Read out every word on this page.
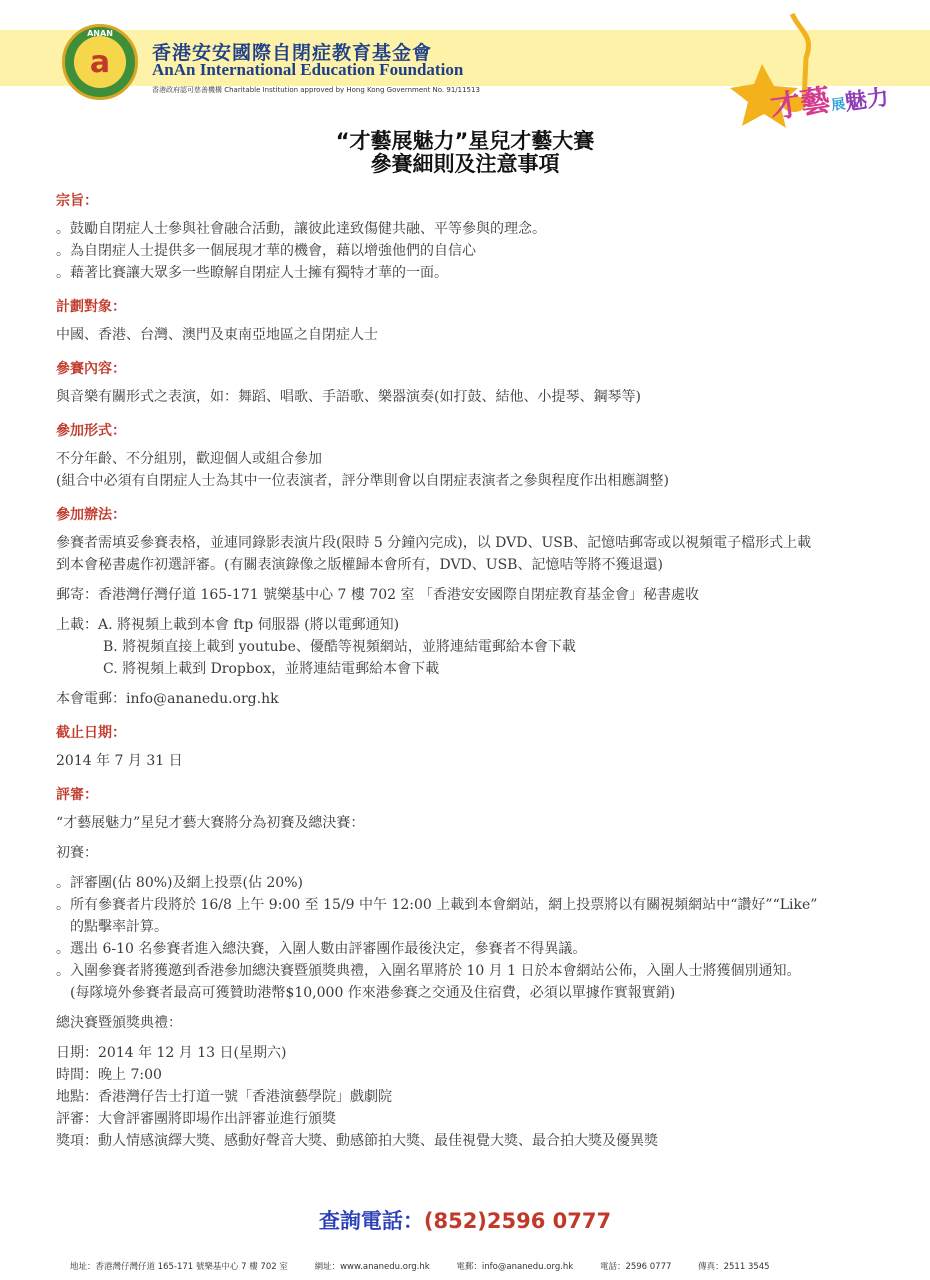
ANAN
a	香港安安國際自閉症教育基金會
AnAn International Education Foundation
香港政府認可慈善機構 Charitable Institution approved by Hong Kong Government No. 91/11513	才藝
展
魅力
“才藝展魅力”星兒才藝大賽
參賽細則及注意事項

宗旨：

。鼓勵自閉症人士參與社會融合活動，讓彼此達致傷健共融、平等參與的理念。

。為自閉症人士提供多一個展現才華的機會，藉以增強他們的自信心

。藉著比賽讓大眾多一些瞭解自閉症人士擁有獨特才華的一面。

計劃對象：

中國、香港、台灣、澳門及東南亞地區之自閉症人士

參賽內容：

與音樂有關形式之表演，如：舞蹈、唱歌、手語歌、樂器演奏(如打鼓、結他、小提琴、鋼琴等)

參加形式：

不分年齡、不分組別，歡迎個人或組合參加

(組合中必須有自閉症人士為其中一位表演者，評分準則會以自閉症表演者之參與程度作出相應調整)

參加辦法：

參賽者需填妥參賽表格，並連同錄影表演片段(限時 5 分鐘內完成)，以 DVD、USB、記憶咭郵寄或以視頻電子檔形式上載

到本會秘書處作初選評審。(有關表演錄像之版權歸本會所有，DVD、USB、記憶咭等將不獲退還)

郵寄：香港灣仔灣仔道 165-171 號樂基中心 7 樓 702 室 「香港安安國際自閉症教育基金會」秘書處收

上載：A. 將視頻上載到本會 ftp 伺服器 (將以電郵通知)

B. 將視頻直接上載到 youtube、優酷等視頻網站，並將連結電郵給本會下載

C. 將視頻上載到 Dropbox，並將連結電郵給本會下載

本會電郵：info@ananedu.org.hk

截止日期：

2014 年 7 月 31 日

評審：

“才藝展魅力”星兒才藝大賽將分為初賽及總決賽：

初賽：

。評審團(佔 80%)及網上投票(佔 20%)

。所有參賽者片段將於 16/8 上午 9:00 至 15/9 中午 12:00 上載到本會網站，網上投票將以有關視頻網站中“讚好”“Like”

的點擊率計算。

。選出 6-10 名參賽者進入總決賽，入圍人數由評審團作最後決定，參賽者不得異議。

。入圍參賽者將獲邀到香港參加總決賽暨頒獎典禮，入圍名單將於 10 月 1 日於本會網站公佈，入圍人士將獲個別通知。

(每隊境外參賽者最高可獲贊助港幣$10,000 作來港參賽之交通及住宿費，必須以單據作實報實銷)

總決賽暨頒獎典禮：

日期：2014 年 12 月 13 日(星期六)

時間：晚上 7:00

地點：香港灣仔告士打道一號「香港演藝學院」戲劇院

評審：大會評審團將即場作出評審並進行頒獎

獎項：動人情感演繹大獎、感動好聲音大獎、動感節拍大獎、最佳視覺大獎、最合拍大獎及優異獎

查詢電話：(852)2596 0777
地址：香港灣仔灣仔道 165-171 號樂基中心 7 樓 702 室	網址：www.ananedu.org.hk	電郵：info@ananedu.org.hk	電話：2596 0777	傳真：2511 3545
